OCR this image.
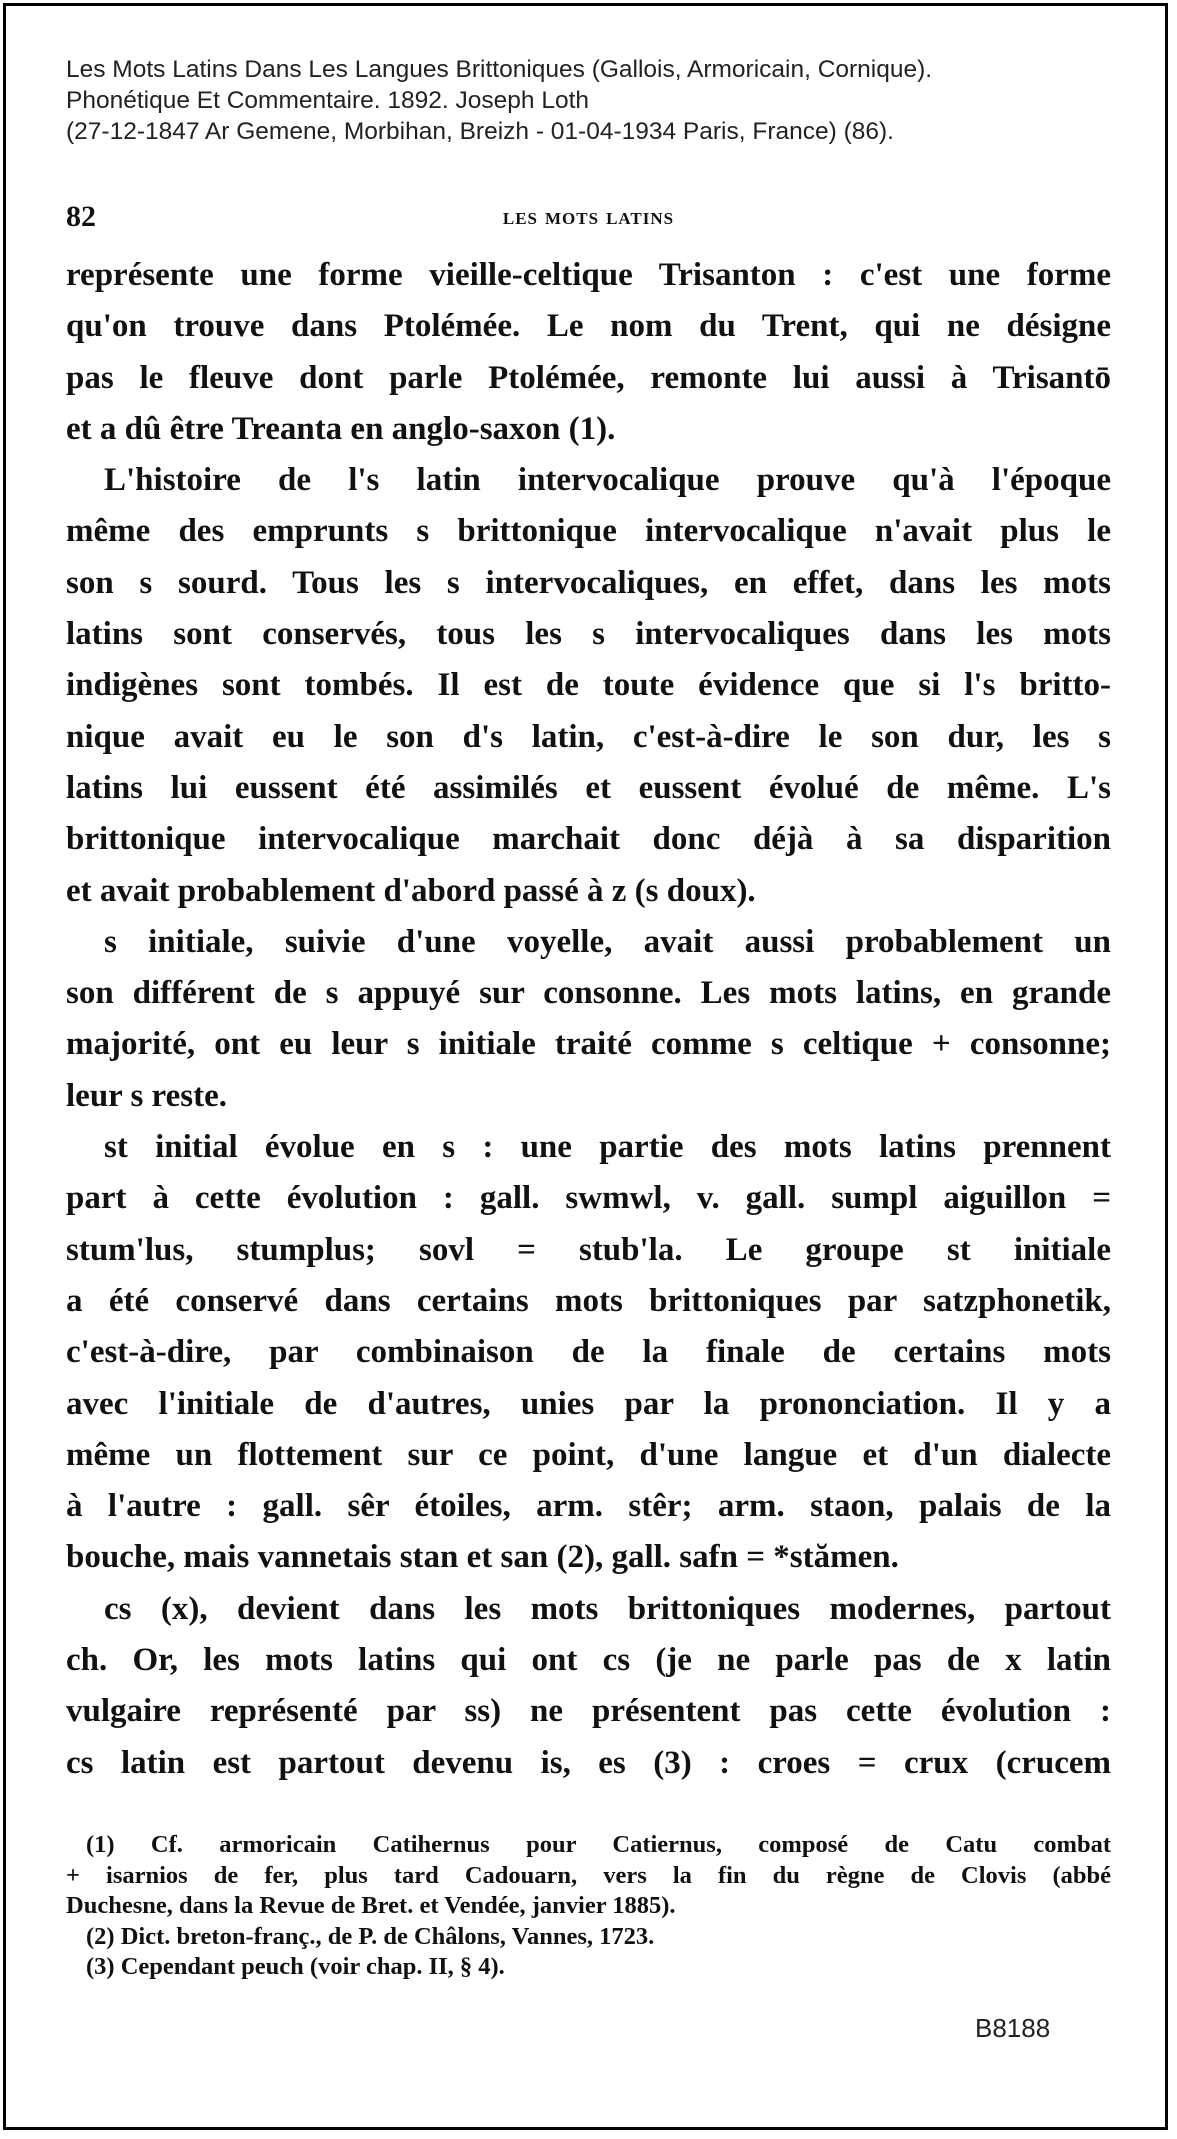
Les Mots Latins Dans Les Langues Brittoniques (Gallois, Armoricain, Cornique).
Phonétique Et Commentaire. 1892. Joseph Loth
(27-12-1847 Ar Gemene, Morbihan, Breizh - 01-04-1934 Paris, France) (86).
82	les mots latins
représente une forme vieille-celtique Trisanton : c'est une forme
qu'on trouve dans Ptolémée. Le nom du Trent, qui ne désigne
pas le fleuve dont parle Ptolémée, remonte lui aussi à Trisantō
et a dû être Treanta en anglo-saxon (1).
L'histoire de l's latin intervocalique prouve qu'à l'époque
même des emprunts s brittonique intervocalique n'avait plus le
son s sourd. Tous les s intervocaliques, en effet, dans les mots
latins sont conservés, tous les s intervocaliques dans les mots
indigènes sont tombés. Il est de toute évidence que si l's britto-
nique avait eu le son d's latin, c'est-à-dire le son dur, les s
latins lui eussent été assimilés et eussent évolué de même. L's
brittonique intervocalique marchait donc déjà à sa disparition
et avait probablement d'abord passé à z (s doux).
s initiale, suivie d'une voyelle, avait aussi probablement un
son différent de s appuyé sur consonne. Les mots latins, en grande
majorité, ont eu leur s initiale traité comme s celtique + consonne;
leur s reste.
st initial évolue en s : une partie des mots latins prennent
part à cette évolution : gall. swmwl, v. gall. sumpl aiguillon =
stum'lus, stumplus; sovl = stub'la. Le groupe st initiale
a été conservé dans certains mots brittoniques par satzphonetik,
c'est-à-dire, par combinaison de la finale de certains mots
avec l'initiale de d'autres, unies par la prononciation. Il y a
même un flottement sur ce point, d'une langue et d'un dialecte
à l'autre : gall. sêr étoiles, arm. stêr; arm. staon, palais de la
bouche, mais vannetais stan et san (2), gall. safn = *stămen.
cs (x), devient dans les mots brittoniques modernes, partout
ch. Or, les mots latins qui ont cs (je ne parle pas de x latin
vulgaire représenté par ss) ne présentent pas cette évolution :
cs latin est partout devenu is, es (3) : croes = crux (crucem
(1) Cf. armoricain Catihernus pour Catiernus, composé de Catu combat
+ isarnios de fer, plus tard Cadouarn, vers la fin du règne de Clovis (abbé
Duchesne, dans la Revue de Bret. et Vendée, janvier 1885).
(2) Dict. breton-franç., de P. de Châlons, Vannes, 1723.
(3) Cependant peuch (voir chap. II, § 4).
B8188
